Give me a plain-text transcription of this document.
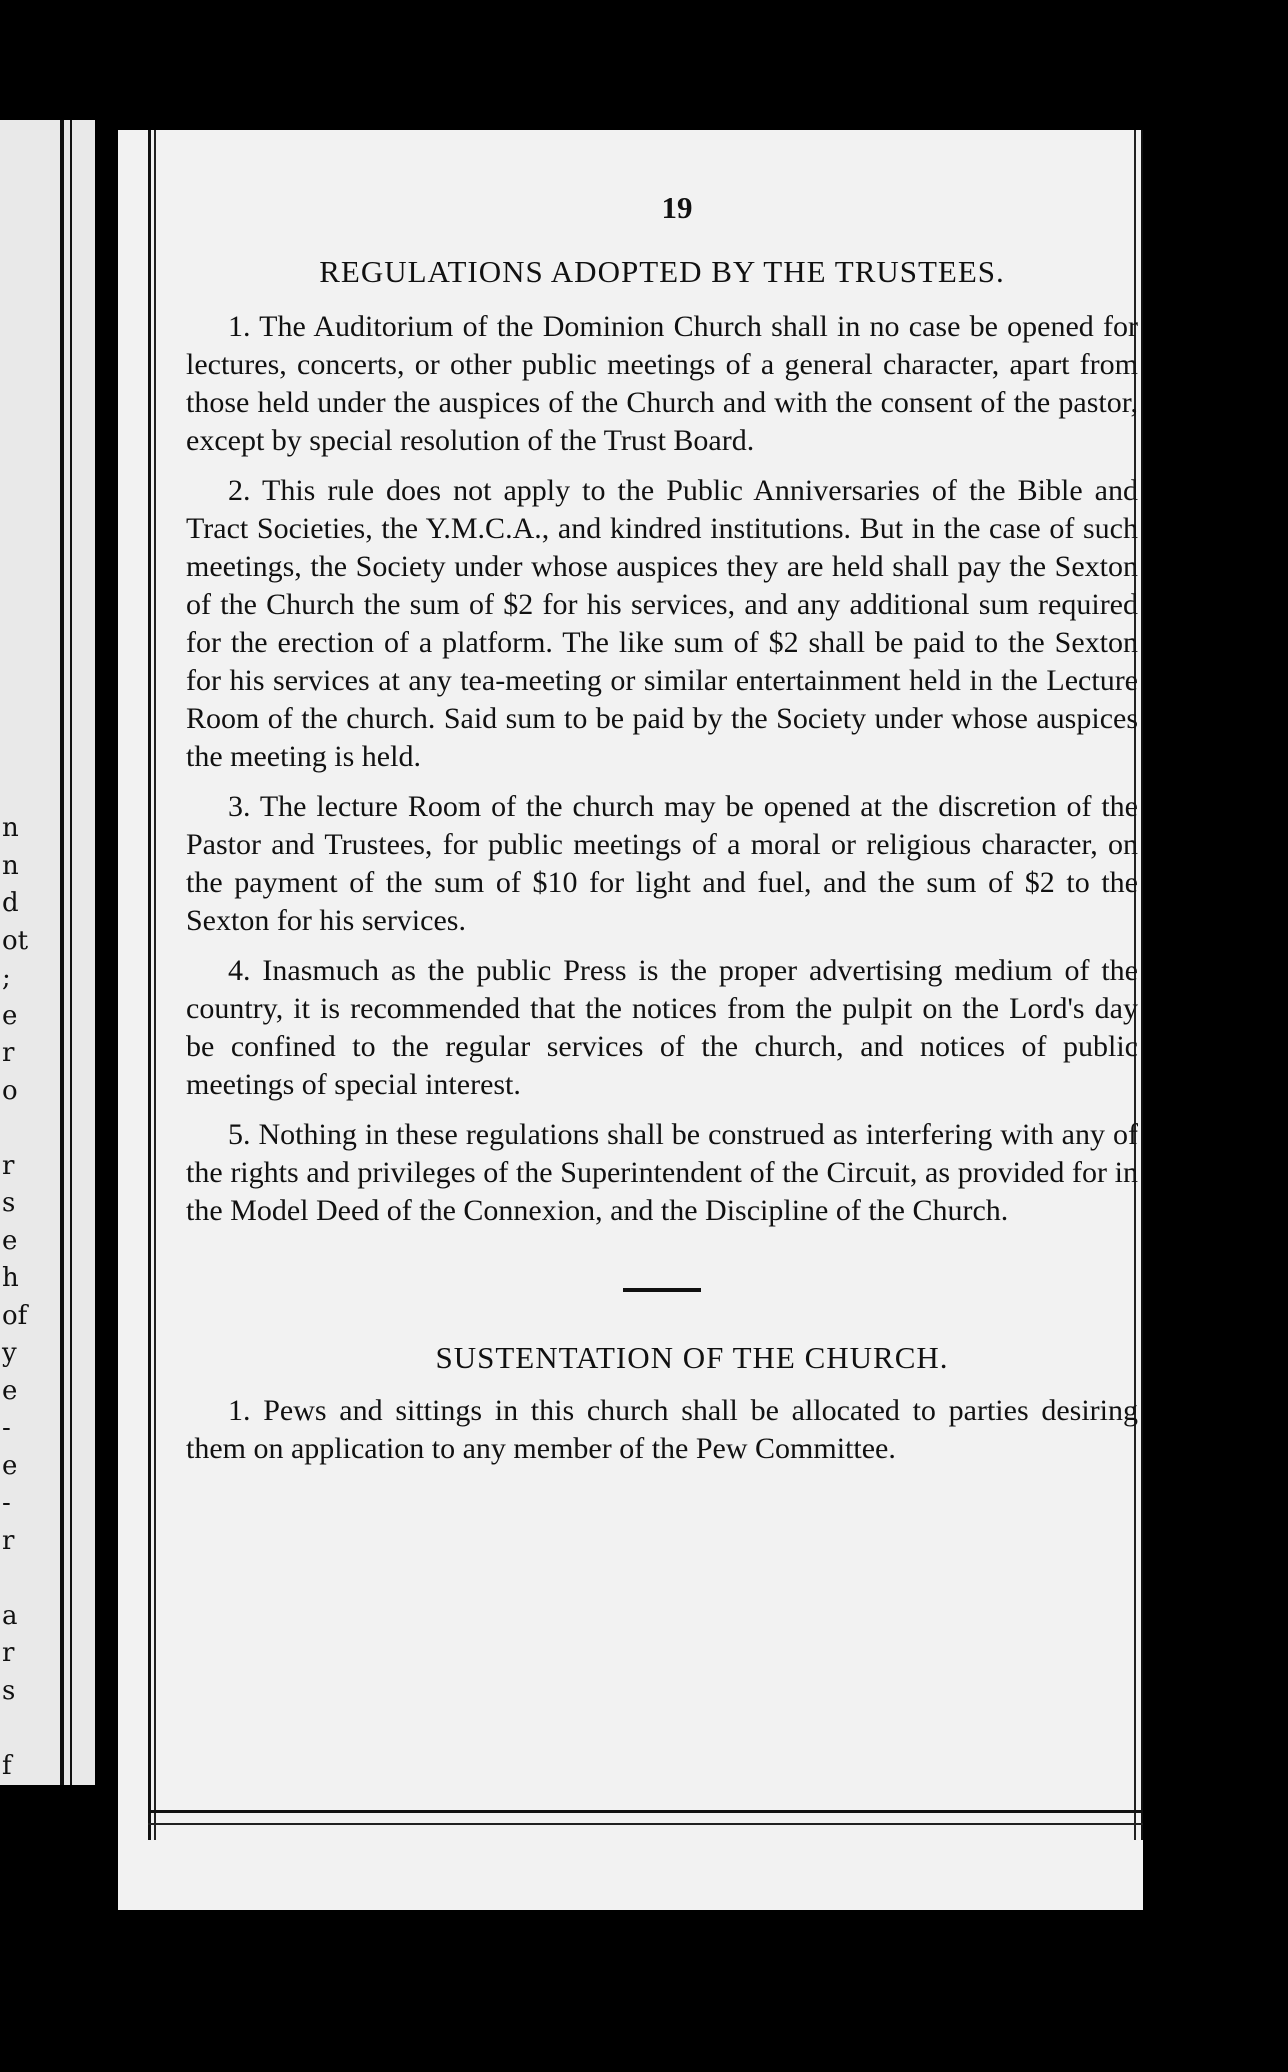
n
n
d
ot
;
e
r
o
r
s
e
h
of
y
e
-
e
-
r
a
r
s
f
19
REGULATIONS ADOPTED BY THE TRUSTEES.

1. The Auditorium of the Dominion Church shall in no case be opened for lectures, concerts, or other public meetings of a general character, apart from those held under the auspices of the Church and with the consent of the pastor, except by special resolution of the Trust Board.

2. This rule does not apply to the Public Anniversaries of the Bible and Tract Societies, the Y.M.C.A., and kindred institutions. But in the case of such meetings, the Society under whose auspices they are held shall pay the Sexton of the Church the sum of $2 for his services, and any additional sum required for the erection of a platform. The like sum of $2 shall be paid to the Sexton for his services at any tea-meeting or similar entertainment held in the Lecture Room of the church. Said sum to be paid by the Society under whose auspices the meeting is held.

3. The lecture Room of the church may be opened at the discretion of the Pastor and Trustees, for public meetings of a moral or religious character, on the payment of the sum of $10 for light and fuel, and the sum of $2 to the Sexton for his services.

4. Inasmuch as the public Press is the proper advertising medium of the country, it is recommended that the notices from the pulpit on the Lord's day be confined to the regular services of the church, and notices of public meetings of special interest.

5. Nothing in these regulations shall be construed as interfering with any of the rights and privileges of the Superintendent of the Circuit, as provided for in the Model Deed of the Connexion, and the Discipline of the Church.

SUSTENTATION OF THE CHURCH.

1. Pews and sittings in this church shall be allocated to parties desiring them on application to any member of the Pew Committee.
